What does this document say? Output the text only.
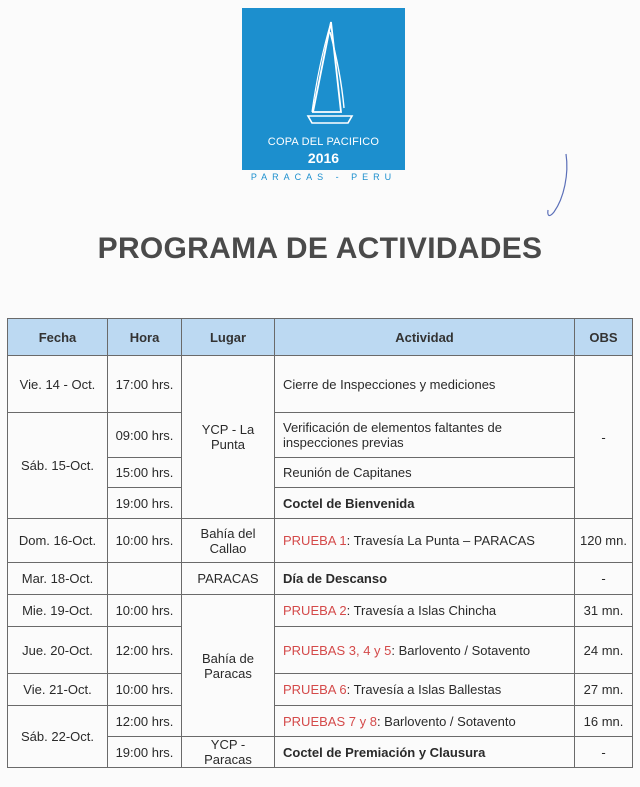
COPA DEL PACIFICO
2016
PARACAS - PERU
PROGRAMA DE ACTIVIDADES
Fecha	Hora	Lugar	Actividad	OBS
Vie. 14 - Oct.	17:00 hrs.	YCP - La Punta	Cierre de Inspecciones y mediciones	-
Sáb. 15-Oct.	09:00 hrs.		Verificación de elementos faltantes de inspecciones previas	
	15:00 hrs.		Reunión de Capitanes	
	19:00 hrs.		Coctel de Bienvenida	
Dom. 16-Oct.	10:00 hrs.	Bahía del Callao	PRUEBA 1: Travesía La Punta – PARACAS	120 mn.
Mar. 18-Oct.		PARACAS	Día de Descanso	-
Mie. 19-Oct.	10:00 hrs.	Bahía de Paracas	PRUEBA 2: Travesía a Islas Chincha	31 mn.
Jue. 20-Oct.	12:00 hrs.		PRUEBAS 3, 4 y 5: Barlovento / Sotavento	24 mn.
Vie. 21-Oct.	10:00 hrs.		PRUEBA 6: Travesía a Islas Ballestas	27 mn.
Sáb. 22-Oct.	12:00 hrs.		PRUEBAS 7 y 8: Barlovento / Sotavento	16 mn.
	19:00 hrs.	YCP - Paracas	Coctel de Premiación y Clausura	-
